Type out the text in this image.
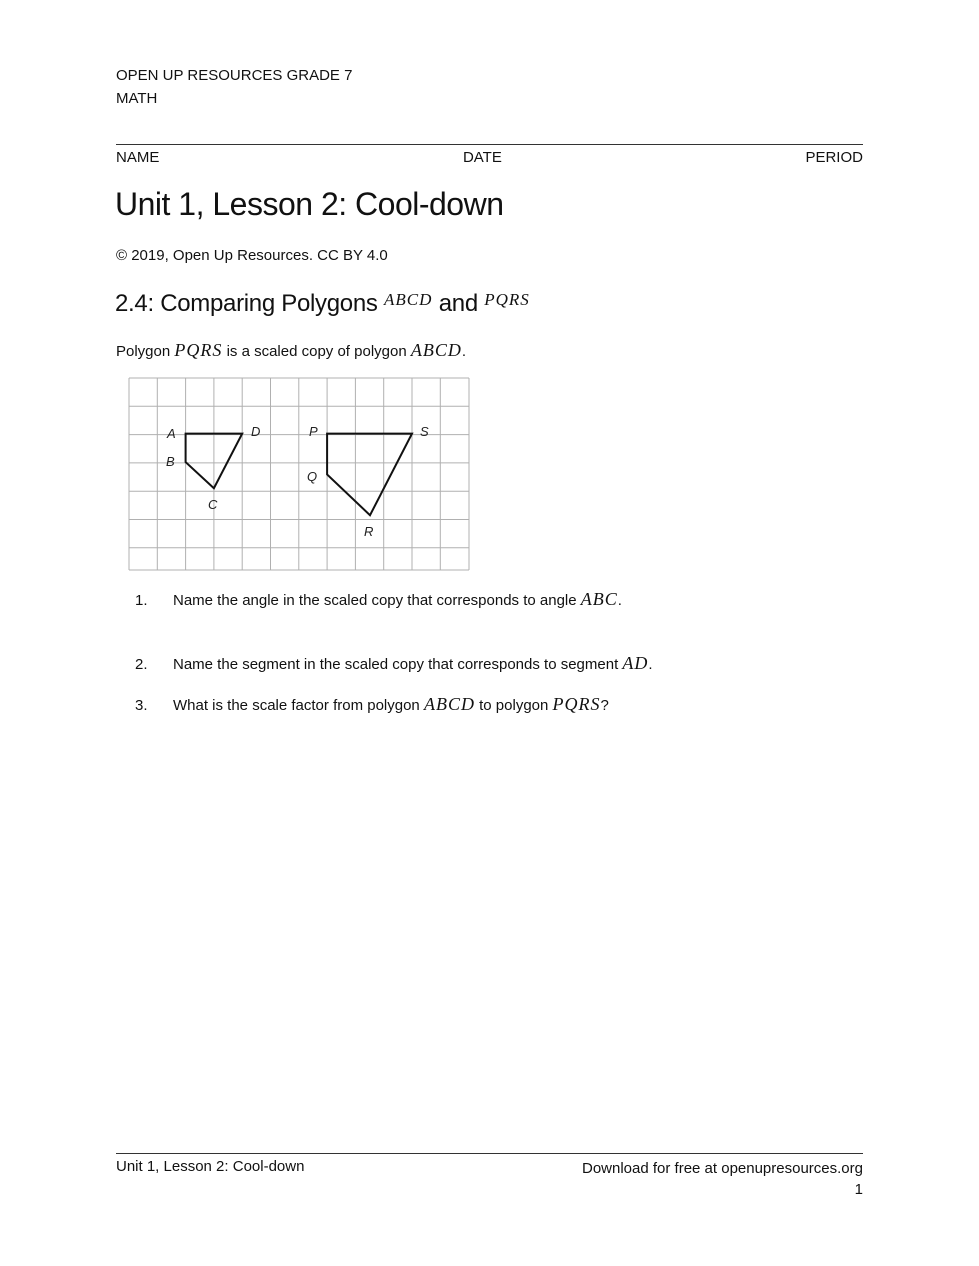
OPEN UP RESOURCES GRADE 7
MATH
NAME	DATE	PERIOD
Unit 1, Lesson 2: Cool-down
© 2019, Open Up Resources. CC BY 4.0
2.4: Comparing Polygons $^{ABCD}$ and $^{PQRS}$
Polygon PQRS is a scaled copy of polygon ABCD.
A
B
C
D	P
Q
R
S
1. Name the angle in the scaled copy that corresponds to angle ABC.
2. Name the segment in the scaled copy that corresponds to segment AD.
3. What is the scale factor from polygon ABCD to polygon PQRS?
Unit 1, Lesson 2: Cool-down	Download for free at openupresources.org
1
